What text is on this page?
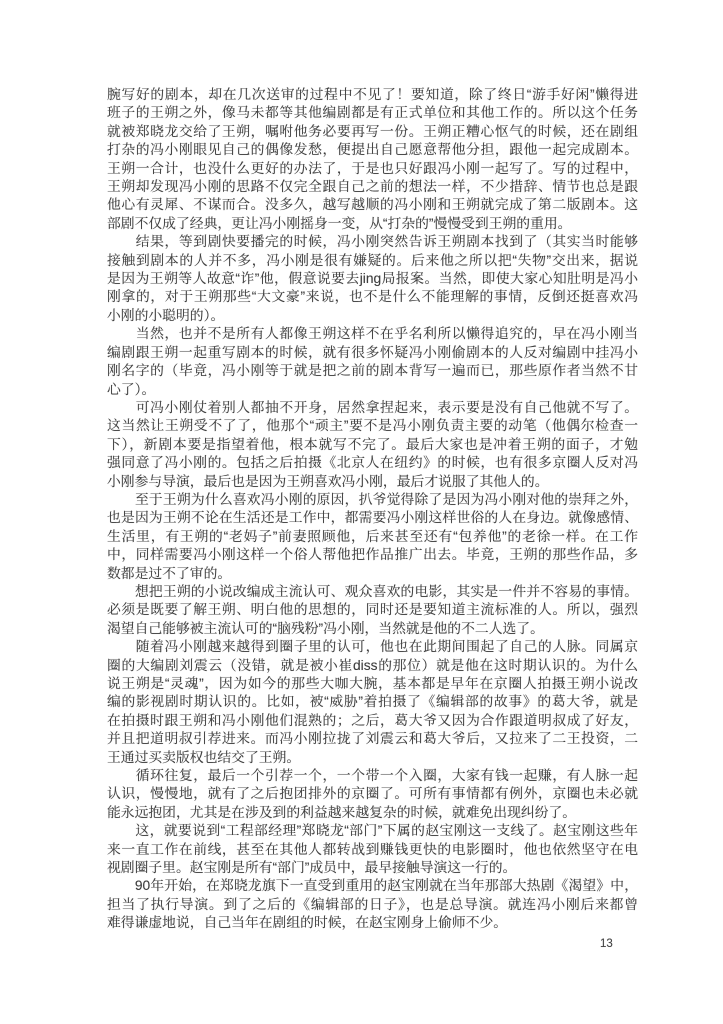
腕写好的剧本，却在几次送审的过程中不见了！要知道，除了终日“游手好闲”懒得进
班子的王朔之外，像马未都等其他编剧都是有正式单位和其他工作的。所以这个任务
就被郑晓龙交给了王朔，嘱咐他务必要再写一份。王朔正糟心怄气的时候，还在剧组
打杂的冯小刚眼见自己的偶像发愁，便提出自己愿意帮他分担，跟他一起完成剧本。
王朔一合计，也没什么更好的办法了，于是也只好跟冯小刚一起写了。写的过程中，
王朔却发现冯小刚的思路不仅完全跟自己之前的想法一样，不少措辞、情节也总是跟
他心有灵犀、不谋而合。没多久，越写越顺的冯小刚和王朔就完成了第二版剧本。这
部剧不仅成了经典，更让冯小刚摇身一变，从“打杂的”慢慢受到王朔的重用。
　　结果，等到剧快要播完的时候，冯小刚突然告诉王朔剧本找到了（其实当时能够
接触到剧本的人并不多，冯小刚是很有嫌疑的。后来他之所以把“失物”交出来，据说
是因为王朔等人故意“诈”他，假意说要去jing局报案。当然，即使大家心知肚明是冯小
刚拿的，对于王朔那些“大文豪”来说，也不是什么不能理解的事情，反倒还挺喜欢冯
小刚的小聪明的）。
　　当然，也并不是所有人都像王朔这样不在乎名利所以懒得追究的，早在冯小刚当
编剧跟王朔一起重写剧本的时候，就有很多怀疑冯小刚偷剧本的人反对编剧中挂冯小
刚名字的（毕竟，冯小刚等于就是把之前的剧本背写一遍而已，那些原作者当然不甘
心了）。
　　可冯小刚仗着别人都抽不开身，居然拿捏起来，表示要是没有自己他就不写了。
这当然让王朔受不了了，他那个“顽主”要不是冯小刚负责主要的动笔（他偶尔检查一
下），新剧本要是指望着他，根本就写不完了。最后大家也是冲着王朔的面子，才勉
强同意了冯小刚的。包括之后拍摄《北京人在纽约》的时候，也有很多京圈人反对冯
小刚参与导演，最后也是因为王朔喜欢冯小刚，最后才说服了其他人的。
　　至于王朔为什么喜欢冯小刚的原因，扒爷觉得除了是因为冯小刚对他的崇拜之外，
也是因为王朔不论在生活还是工作中，都需要冯小刚这样世俗的人在身边。就像感情、
生活里，有王朔的“老妈子”前妻照顾他，后来甚至还有“包养他”的老徐一样。在工作
中，同样需要冯小刚这样一个俗人帮他把作品推广出去。毕竟，王朔的那些作品，多
数都是过不了审的。
　　想把王朔的小说改编成主流认可、观众喜欢的电影，其实是一件并不容易的事情。
必须是既要了解王朔、明白他的思想的，同时还是要知道主流标准的人。所以，强烈
渴望自己能够被主流认可的“脑残粉”冯小刚，当然就是他的不二人选了。
　　随着冯小刚越来越得到圈子里的认可，他也在此期间围起了自己的人脉。同属京
圈的大编剧刘震云（没错，就是被小崔diss的那位）就是他在这时期认识的。为什么
说王朔是“灵魂”，因为如今的那些大咖大腕，基本都是早年在京圈人拍摄王朔小说改
编的影视剧时期认识的。比如，被“威胁”着拍摄了《编辑部的故事》的葛大爷，就是
在拍摄时跟王朔和冯小刚他们混熟的；之后，葛大爷又因为合作跟道明叔成了好友，
并且把道明叔引荐进来。而冯小刚拉拢了刘震云和葛大爷后，又拉来了二王投资，二
王通过买卖版权也结交了王朔。
　　循环往复，最后一个引荐一个，一个带一个入圈，大家有钱一起赚，有人脉一起
认识，慢慢地，就有了之后抱团排外的京圈了。可所有事情都有例外，京圈也未必就
能永远抱团，尤其是在涉及到的利益越来越复杂的时候，就难免出现纠纷了。
　　这，就要说到“工程部经理”郑晓龙“部门”下属的赵宝刚这一支线了。赵宝刚这些年
来一直工作在前线，甚至在其他人都转战到赚钱更快的电影圈时，他也依然坚守在电
视剧圈子里。赵宝刚是所有“部门”成员中，最早接触导演这一行的。
　　90年开始，在郑晓龙旗下一直受到重用的赵宝刚就在当年那部大热剧《渴望》中，
担当了执行导演。到了之后的《编辑部的日子》，也是总导演。就连冯小刚后来都曾
难得谦虚地说，自己当年在剧组的时候，在赵宝刚身上偷师不少。
13
